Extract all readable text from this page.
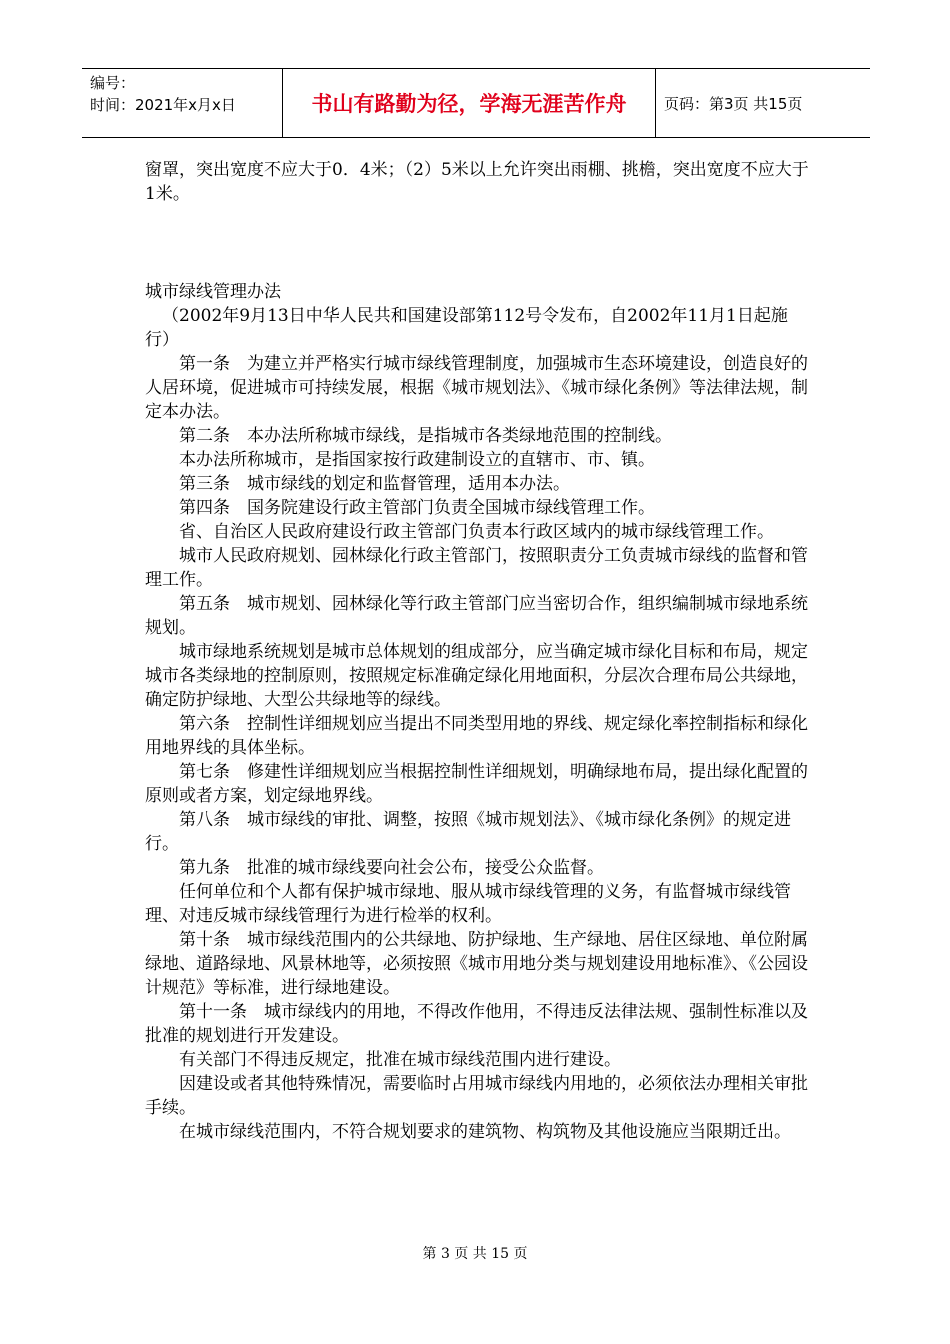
编号：
时间：2021年x月x日	书山有路勤为径，学海无涯苦作舟	页码：第3页 共15页

窗罩，突出宽度不应大于0．4米；（2）5米以上允许突出雨棚、挑檐，突出宽度不应大于1米。

城市绿线管理办法

（2002年9月13日中华人民共和国建设部第112号令发布，自2002年11月1日起施行）

第一条　为建立并严格实行城市绿线管理制度，加强城市生态环境建设，创造良好的人居环境，促进城市可持续发展，根据《城市规划法》、《城市绿化条例》等法律法规，制定本办法。

第二条　本办法所称城市绿线，是指城市各类绿地范围的控制线。

本办法所称城市，是指国家按行政建制设立的直辖市、市、镇。

第三条　城市绿线的划定和监督管理，适用本办法。

第四条　国务院建设行政主管部门负责全国城市绿线管理工作。

省、自治区人民政府建设行政主管部门负责本行政区域内的城市绿线管理工作。

城市人民政府规划、园林绿化行政主管部门，按照职责分工负责城市绿线的监督和管理工作。

第五条　城市规划、园林绿化等行政主管部门应当密切合作，组织编制城市绿地系统规划。

城市绿地系统规划是城市总体规划的组成部分，应当确定城市绿化目标和布局，规定城市各类绿地的控制原则，按照规定标准确定绿化用地面积，分层次合理布局公共绿地，确定防护绿地、大型公共绿地等的绿线。

第六条　控制性详细规划应当提出不同类型用地的界线、规定绿化率控制指标和绿化用地界线的具体坐标。

第七条　修建性详细规划应当根据控制性详细规划，明确绿地布局，提出绿化配置的原则或者方案，划定绿地界线。

第八条　城市绿线的审批、调整，按照《城市规划法》、《城市绿化条例》的规定进行。

第九条　批准的城市绿线要向社会公布，接受公众监督。

任何单位和个人都有保护城市绿地、服从城市绿线管理的义务，有监督城市绿线管理、对违反城市绿线管理行为进行检举的权利。

第十条　城市绿线范围内的公共绿地、防护绿地、生产绿地、居住区绿地、单位附属绿地、道路绿地、风景林地等，必须按照《城市用地分类与规划建设用地标准》、《公园设计规范》等标准，进行绿地建设。

第十一条　城市绿线内的用地，不得改作他用，不得违反法律法规、强制性标准以及批准的规划进行开发建设。

有关部门不得违反规定，批准在城市绿线范围内进行建设。

因建设或者其他特殊情况，需要临时占用城市绿线内用地的，必须依法办理相关审批手续。

在城市绿线范围内，不符合规划要求的建筑物、构筑物及其他设施应当限期迁出。

第 3 页 共 15 页
